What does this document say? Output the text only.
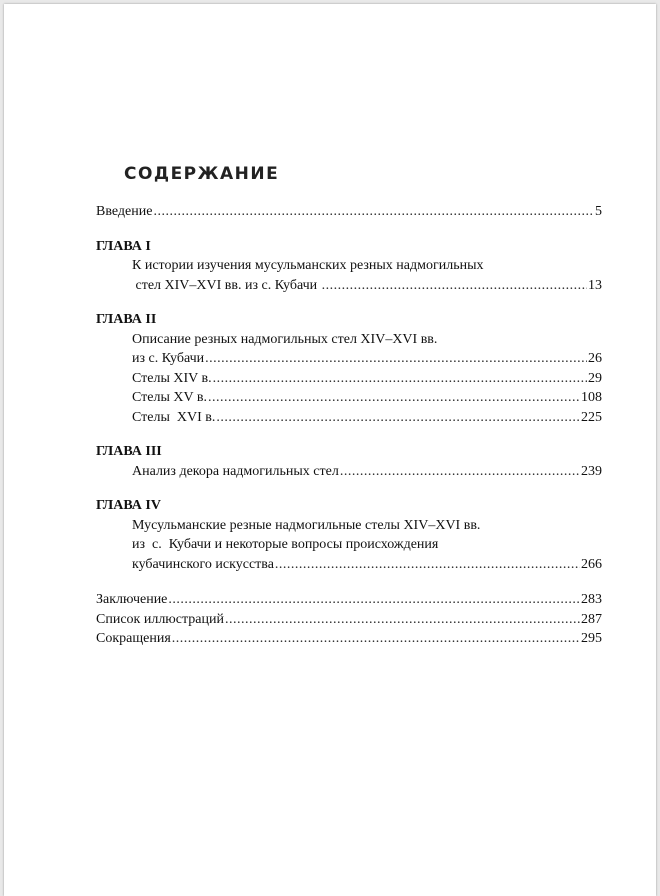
СОДЕРЖАНИЕ
Введение .....	5
ГЛАВА I
К истории изучения мусульманских резных надмогильных
стел XIV–XVI вв. из с. Кубачи .....	13
ГЛАВА II
Описание резных надмогильных стел XIV–XVI вв.
из с. Кубачи .....	26
Стелы XIV в. .....	29
Стелы XV в. .....	108
Стелы  XVI в. .....	225
ГЛАВА III
Анализ декора надмогильных стел .....	239
ГЛАВА IV
Мусульманские резные надмогильные стелы XIV–XVI вв.
из  с.  Кубачи и некоторые вопросы происхождения
кубачинского искусства .....	266
Заключение .....	283
Список иллюстраций .....	287
Сокращения .....	295
